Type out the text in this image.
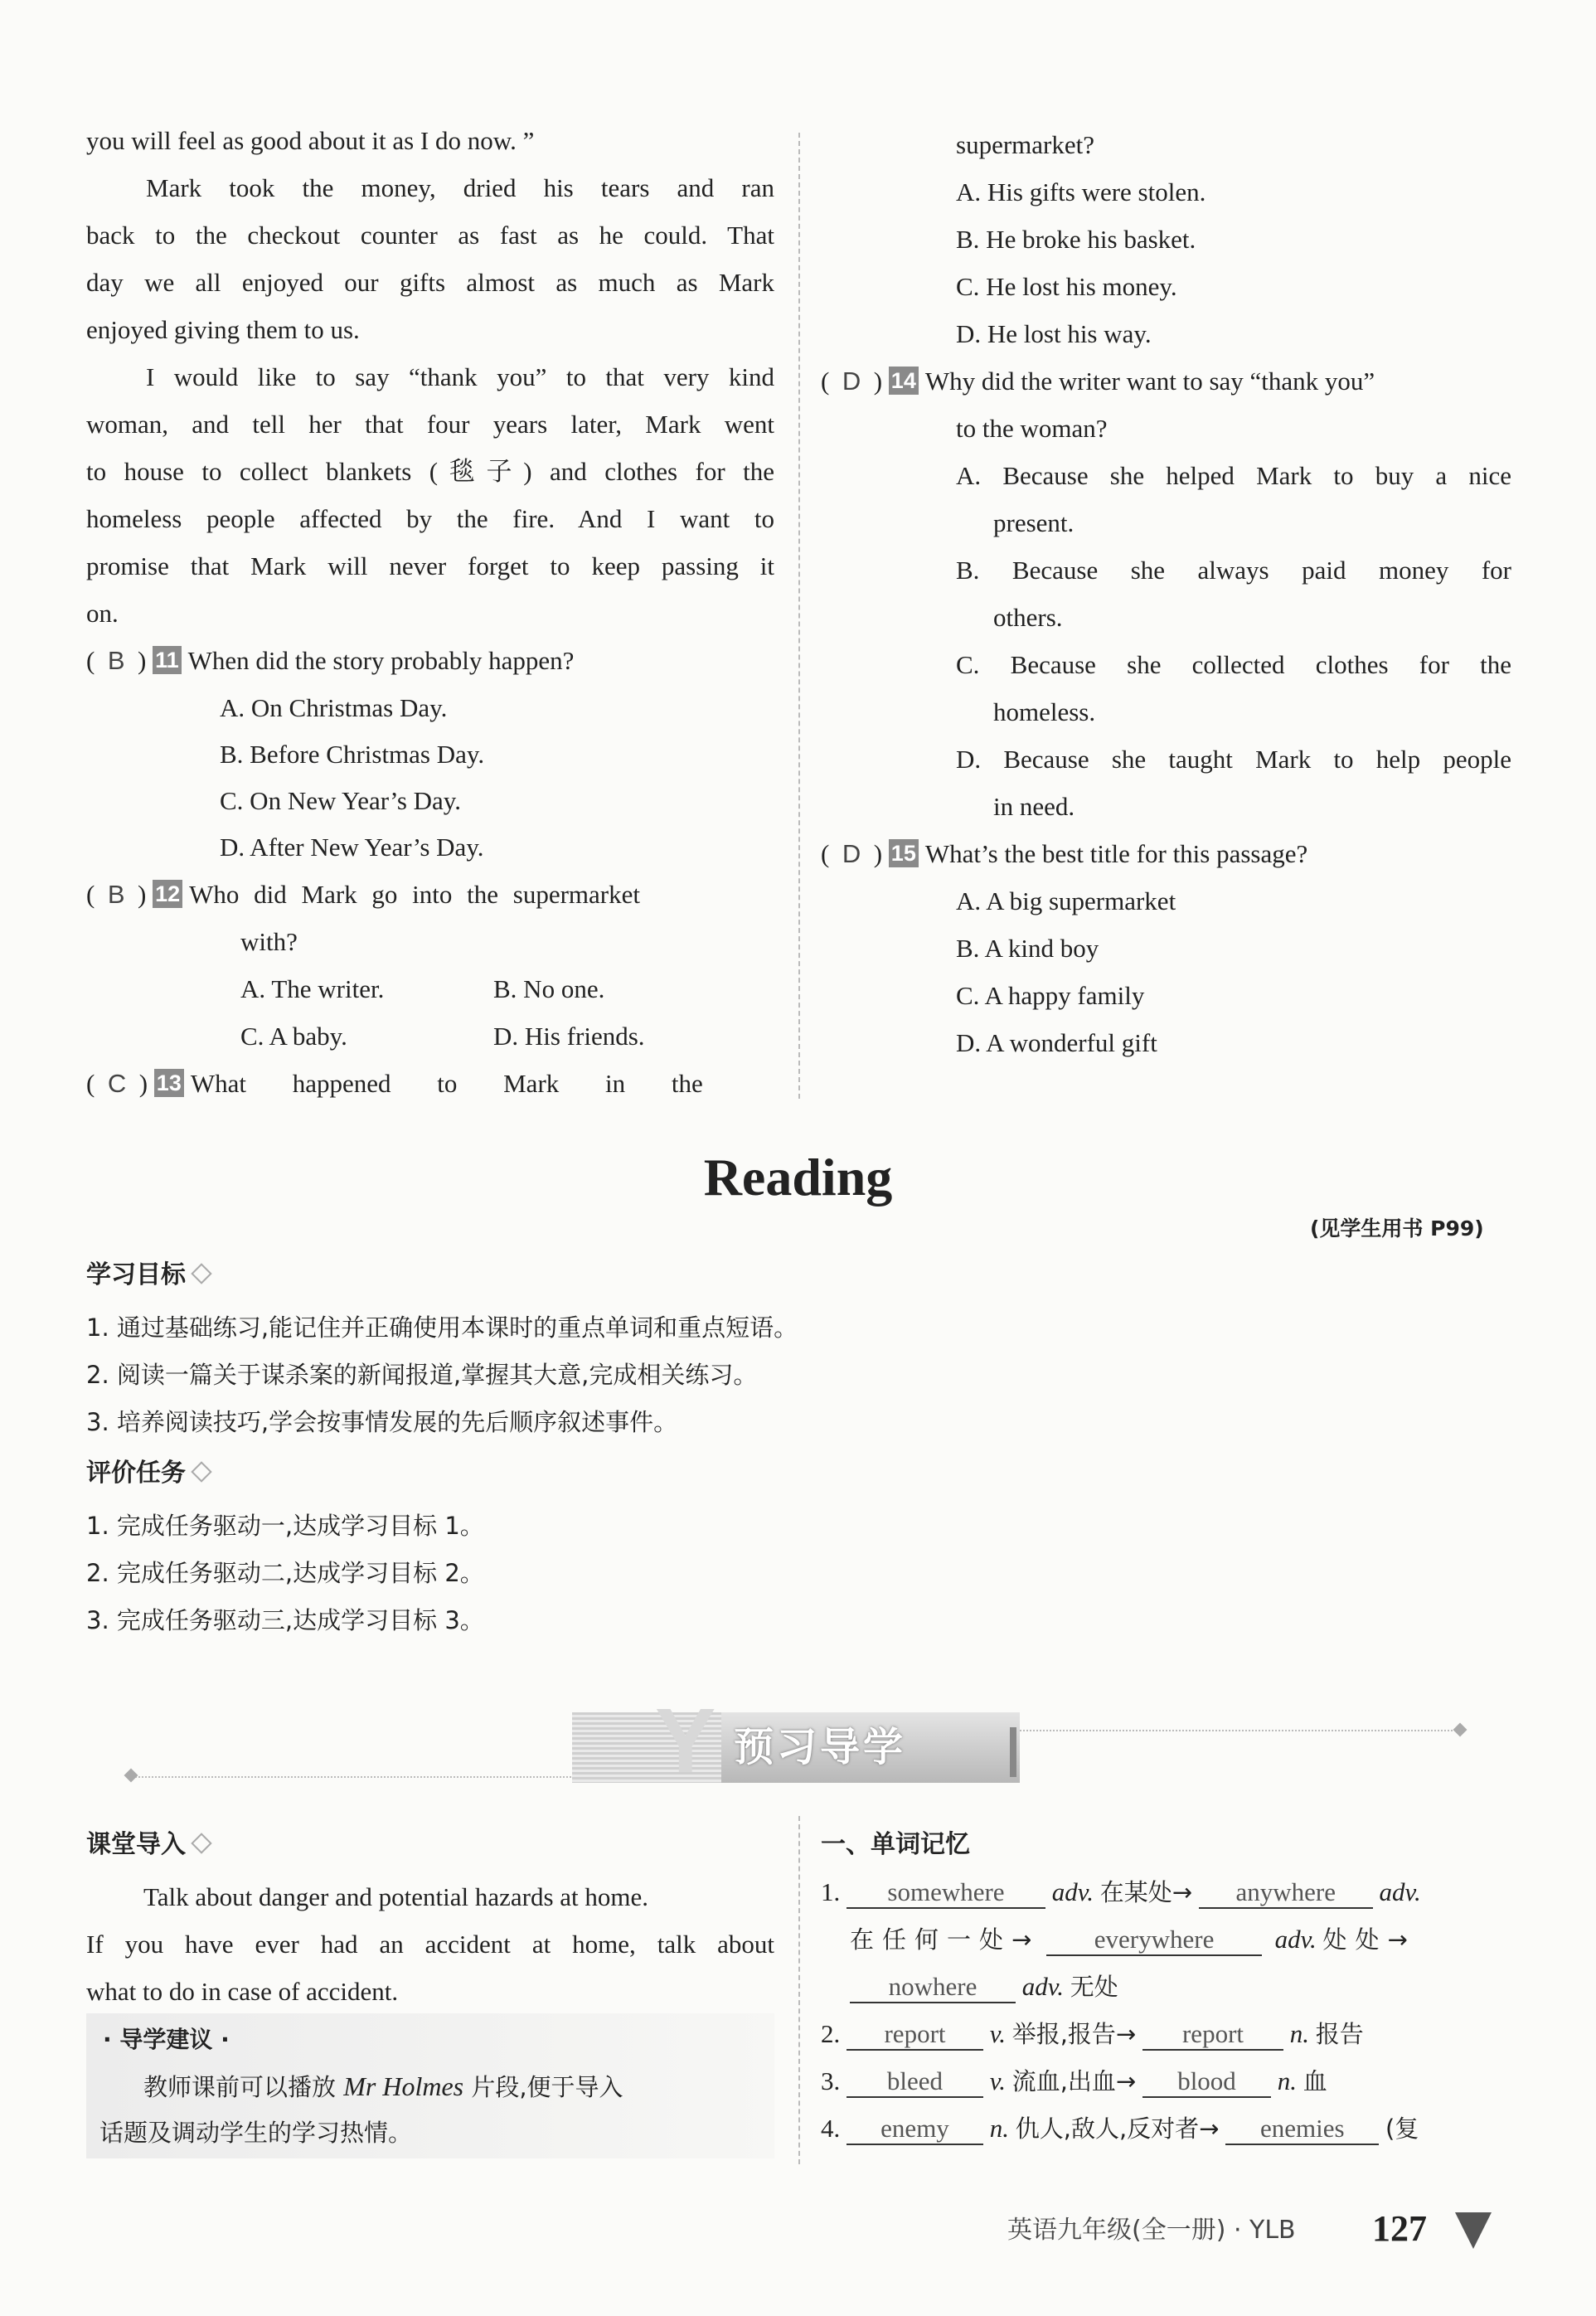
you will feel as good about it as I do now. ”
Mark took the money, dried his tears and ran
back to the checkout counter as fast as he could. That
day we all enjoyed our gifts almost as much as Mark
enjoyed giving them to us.
I would like to say “thank you” to that very kind
woman, and tell her that four years later, Mark went
to house to collect blankets (毯子) and clothes for the
homeless people affected by the fire. And I want to
promise that Mark will never forget to keep passing it
on.
( B ) 11 When did the story probably happen?
A. On Christmas Day.
B. Before Christmas Day.
C. On New Year’s Day.
D. After New Year’s Day.
( B ) 12 Who did Mark go into the supermarket
with?
A. The writer.	B. No one.
C. A baby.	D. His friends.
( C ) 13 What happened to Mark in the
supermarket?
A. His gifts were stolen.
B. He broke his basket.
C. He lost his money.
D. He lost his way.
( D ) 14 Why did the writer want to say “thank you”
to the woman?
A. Because she helped Mark to buy a nice
present.
B. Because she always paid money for
others.
C. Because she collected clothes for the
homeless.
D. Because she taught Mark to help people
in need.
( D ) 15 What’s the best title for this passage?
A. A big supermarket
B. A kind boy
C. A happy family
D. A wonderful gift
Reading
(见学生用书 P99)
学习目标
1. 通过基础练习,能记住并正确使用本课时的重点单词和重点短语。
2. 阅读一篇关于谋杀案的新闻报道,掌握其大意,完成相关练习。
3. 培养阅读技巧,学会按事情发展的先后顺序叙述事件。
评价任务
1. 完成任务驱动一,达成学习目标 1。
2. 完成任务驱动二,达成学习目标 2。
3. 完成任务驱动三,达成学习目标 3。
Y 预习导学
课堂导入
Talk about danger and potential hazards at home.
If you have ever had an accident at home, talk about
what to do in case of accident.
· 导学建议 ·
教师课前可以播放 Mr Holmes 片段,便于导入
话题及调动学生的学习热情。
一、单词记忆
1. somewhere adv. 在某处→ anywhere adv.
在任何一处→ everywhere adv. 处处→
nowhere adv. 无处
2. report v. 举报,报告→ report n. 报告
3. bleed v. 流血,出血→ blood n. 血
4. enemy n. 仇人,敌人,反对者→ enemies (复
英语九年级(全一册) · YLB 127
